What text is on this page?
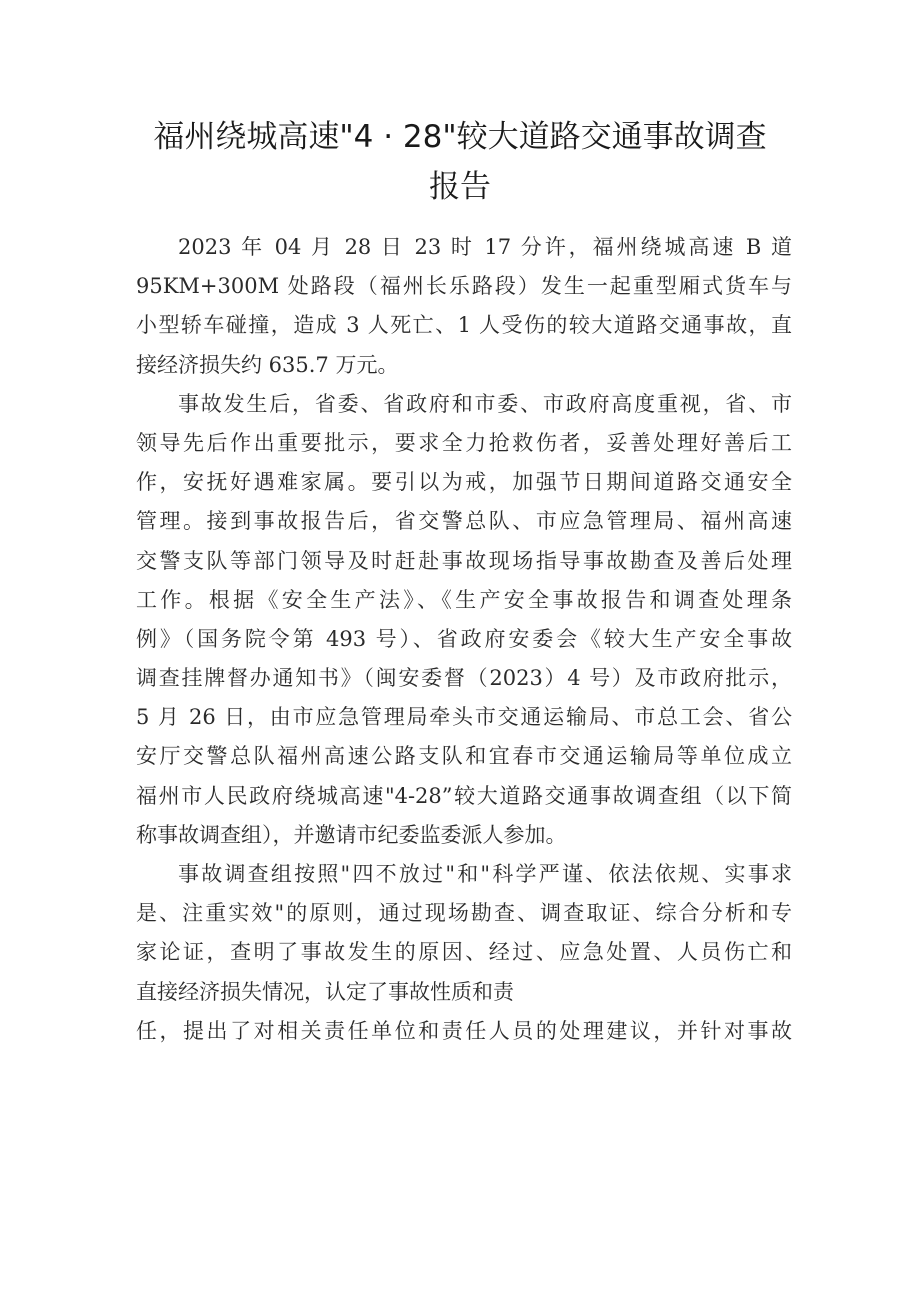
福州绕城高速"4 · 28"较大道路交通事故调查
报告
2023 年 04 月 28 日 23 时 17 分许，福州绕城高速 B 道
95KM+300M 处路段（福州长乐路段）发生一起重型厢式货车与
小型轿车碰撞，造成 3 人死亡、1 人受伤的较大道路交通事故，直
接经济损失约 635.7 万元。
事故发生后，省委、省政府和市委、市政府高度重视，省、市
领导先后作出重要批示，要求全力抢救伤者，妥善处理好善后工
作，安抚好遇难家属。要引以为戒，加强节日期间道路交通安全
管理。接到事故报告后，省交警总队、市应急管理局、福州高速
交警支队等部门领导及时赶赴事故现场指导事故勘查及善后处理
工作。根据《安全生产法》、《生产安全事故报告和调查处理条
例》（国务院令第 493 号）、省政府安委会《较大生产安全事故
调查挂牌督办通知书》（闽安委督（2023）4 号）及市政府批示，
5 月 26 日，由市应急管理局牵头市交通运输局、市总工会、省公
安厅交警总队福州高速公路支队和宜春市交通运输局等单位成立
福州市人民政府绕城高速"4-28”较大道路交通事故调查组（以下简
称事故调查组），并邀请市纪委监委派人参加。
事故调查组按照"四不放过"和"科学严谨、依法依规、实事求
是、注重实效"的原则，通过现场勘查、调查取证、综合分析和专
家论证，查明了事故发生的原因、经过、应急处置、人员伤亡和
直接经济损失情况，认定了事故性质和责
任，提出了对相关责任单位和责任人员的处理建议，并针对事故
